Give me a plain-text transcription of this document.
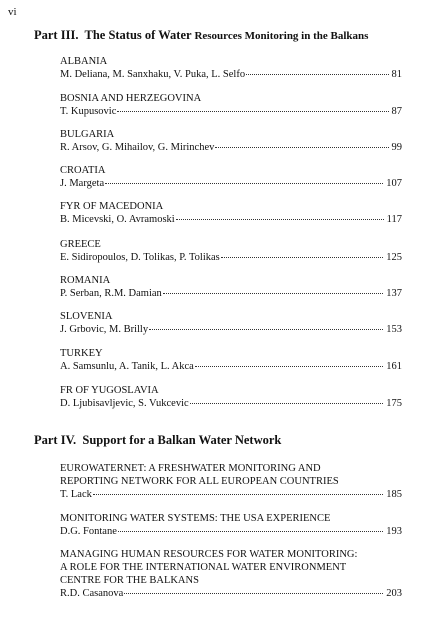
vi
Part III. The Status of Water Resources Monitoring in the Balkans
ALBANIA
M. Deliana, M. Sanxhaku, V. Puka, L. Selfo	81
BOSNIA AND HERZEGOVINA
T. Kupusovic	87
BULGARIA
R. Arsov, G. Mihailov, G. Mirinchev	99
CROATIA
J. Margeta	107
FYR OF MACEDONIA
B. Micevski, O. Avramoski	117
GREECE
E. Sidiropoulos, D. Tolikas, P. Tolikas	125
ROMANIA
P. Serban, R.M. Damian	137
SLOVENIA
J. Grbovic, M. Brilly	153
TURKEY
A. Samsunlu, A. Tanik, L. Akca	161
FR OF YUGOSLAVIA
D. Ljubisavljevic, S. Vukcevic	175
Part IV. Support for a Balkan Water Network
EUROWATERNET: A FRESHWATER MONITORING AND
REPORTING NETWORK FOR ALL EUROPEAN COUNTRIES
T. Lack	185
MONITORING WATER SYSTEMS: THE USA EXPERIENCE
D.G. Fontane	193
MANAGING HUMAN RESOURCES FOR WATER MONITORING:
A ROLE FOR THE INTERNATIONAL WATER ENVIRONMENT
CENTRE FOR THE BALKANS
R.D. Casanova	203
